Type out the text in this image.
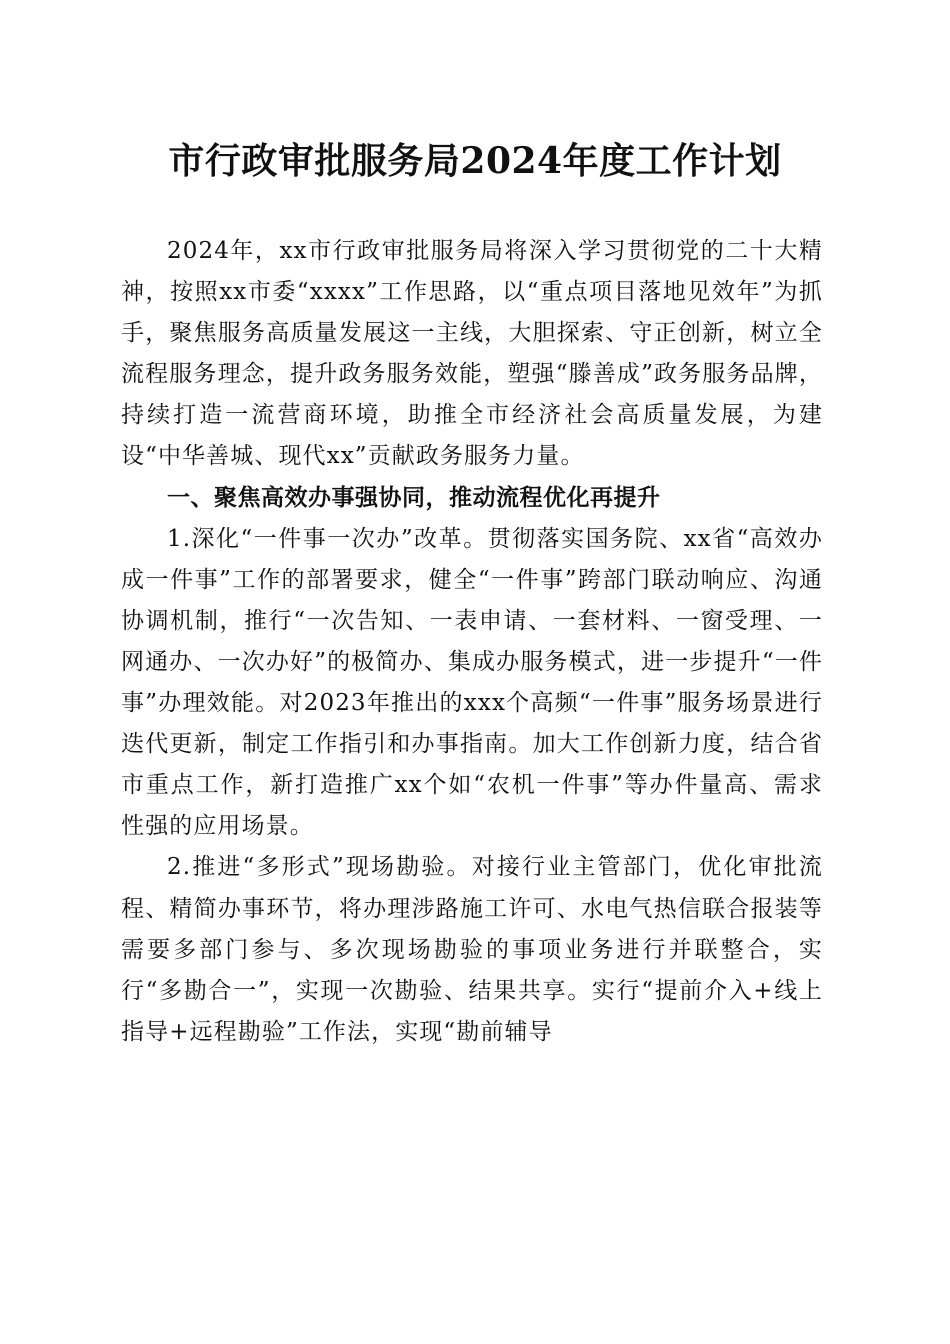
市行政审批服务局2024年度工作计划

2024年，xx市行政审批服务局将深入学习贯彻党的二十大精神，按照xx市委“xxxx”工作思路，以“重点项目落地见效年”为抓手，聚焦服务高质量发展这一主线，大胆探索、守正创新，树立全流程服务理念，提升政务服务效能，塑强“滕善成”政务服务品牌，持续打造一流营商环境，助推全市经济社会高质量发展，为建设“中华善城、现代xx”贡献政务服务力量。

一、聚焦高效办事强协同，推动流程优化再提升

1.深化“一件事一次办”改革。贯彻落实国务院、xx省“高效办成一件事”工作的部署要求，健全“一件事”跨部门联动响应、沟通协调机制，推行“一次告知、一表申请、一套材料、一窗受理、一网通办、一次办好”的极简办、集成办服务模式，进一步提升“一件事”办理效能。对2023年推出的xxx个高频“一件事”服务场景进行迭代更新，制定工作指引和办事指南。加大工作创新力度，结合省市重点工作，新打造推广xx个如“农机一件事”等办件量高、需求性强的应用场景。

2.推进“多形式”现场勘验。对接行业主管部门，优化审批流程、精简办事环节，将办理涉路施工许可、水电气热信联合报装等需要多部门参与、多次现场勘验的事项业务进行并联整合，实行“多勘合一”，实现一次勘验、结果共享。实行“提前介入+线上指导+远程勘验”工作法，实现“勘前辅导
